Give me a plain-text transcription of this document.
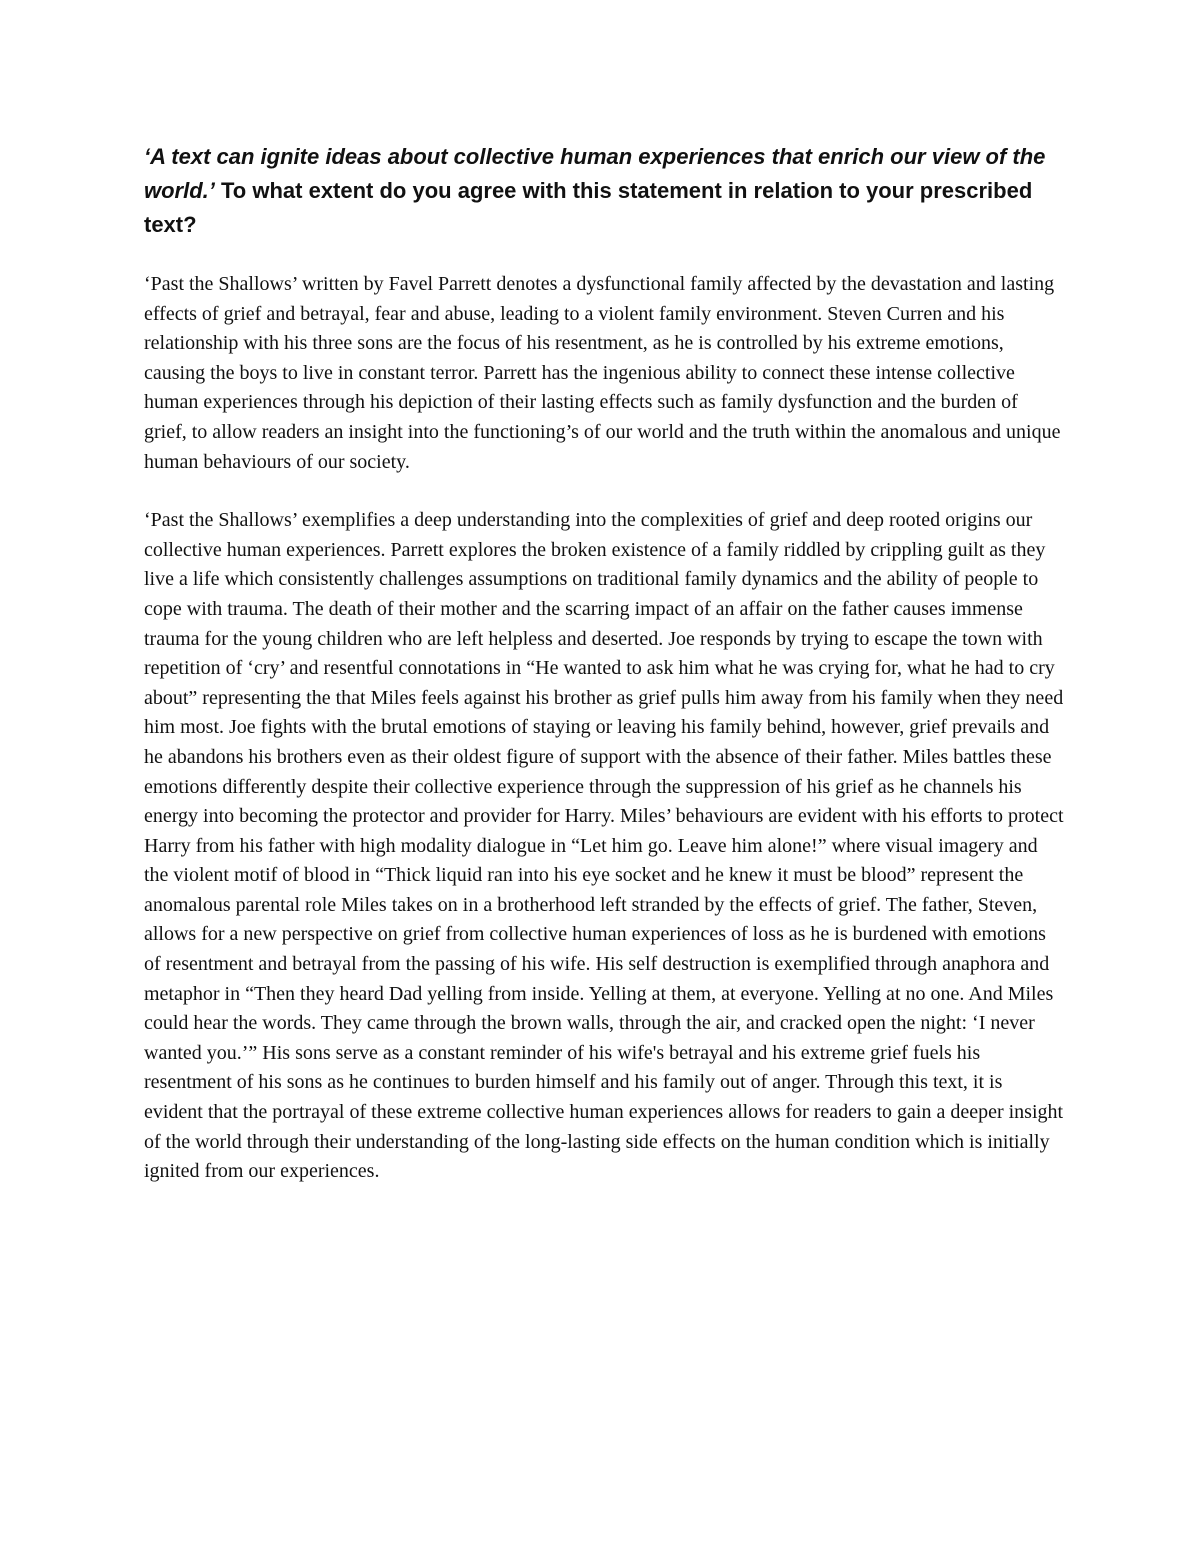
‘A text can ignite ideas about collective human experiences that enrich our view of the world.’ To what extent do you agree with this statement in relation to your prescribed text?

‘Past the Shallows’ written by Favel Parrett denotes a dysfunctional family affected by the devastation and lasting effects of grief and betrayal, fear and abuse, leading to a violent family environment. Steven Curren and his relationship with his three sons are the focus of his resentment, as he is controlled by his extreme emotions, causing the boys to live in constant terror. Parrett has the ingenious ability to connect these intense collective human experiences through his depiction of their lasting effects such as family dysfunction and the burden of grief, to allow readers an insight into the functioning’s of our world and the truth within the anomalous and unique human behaviours of our society.

‘Past the Shallows’ exemplifies a deep understanding into the complexities of grief and deep rooted origins our collective human experiences. Parrett explores the broken existence of a family riddled by crippling guilt as they live a life which consistently challenges assumptions on traditional family dynamics and the ability of people to cope with trauma. The death of their mother and the scarring impact of an affair on the father causes immense trauma for the young children who are left helpless and deserted. Joe responds by trying to escape the town with repetition of ‘cry’ and resentful connotations in “He wanted to ask him what he was crying for, what he had to cry about” representing the that Miles feels against his brother as grief pulls him away from his family when they need him most. Joe fights with the brutal emotions of staying or leaving his family behind, however, grief prevails and he abandons his brothers even as their oldest figure of support with the absence of their father. Miles battles these emotions differently despite their collective experience through the suppression of his grief as he channels his energy into becoming the protector and provider for Harry. Miles’ behaviours are evident with his efforts to protect Harry from his father with high modality dialogue in “Let him go. Leave him alone!” where visual imagery and the violent motif of blood in “Thick liquid ran into his eye socket and he knew it must be blood” represent the anomalous parental role Miles takes on in a brotherhood left stranded by the effects of grief. The father, Steven, allows for a new perspective on grief from collective human experiences of loss as he is burdened with emotions of resentment and betrayal from the passing of his wife. His self destruction is exemplified through anaphora and metaphor in “Then they heard Dad yelling from inside. Yelling at them, at everyone. Yelling at no one. And Miles could hear the words. They came through the brown walls, through the air, and cracked open the night: ‘I never wanted you.’” His sons serve as a constant reminder of his wife's betrayal and his extreme grief fuels his resentment of his sons as he continues to burden himself and his family out of anger. Through this text, it is evident that the portrayal of these extreme collective human experiences allows for readers to gain a deeper insight of the world through their understanding of the long-lasting side effects on the human condition which is initially ignited from our experiences.
